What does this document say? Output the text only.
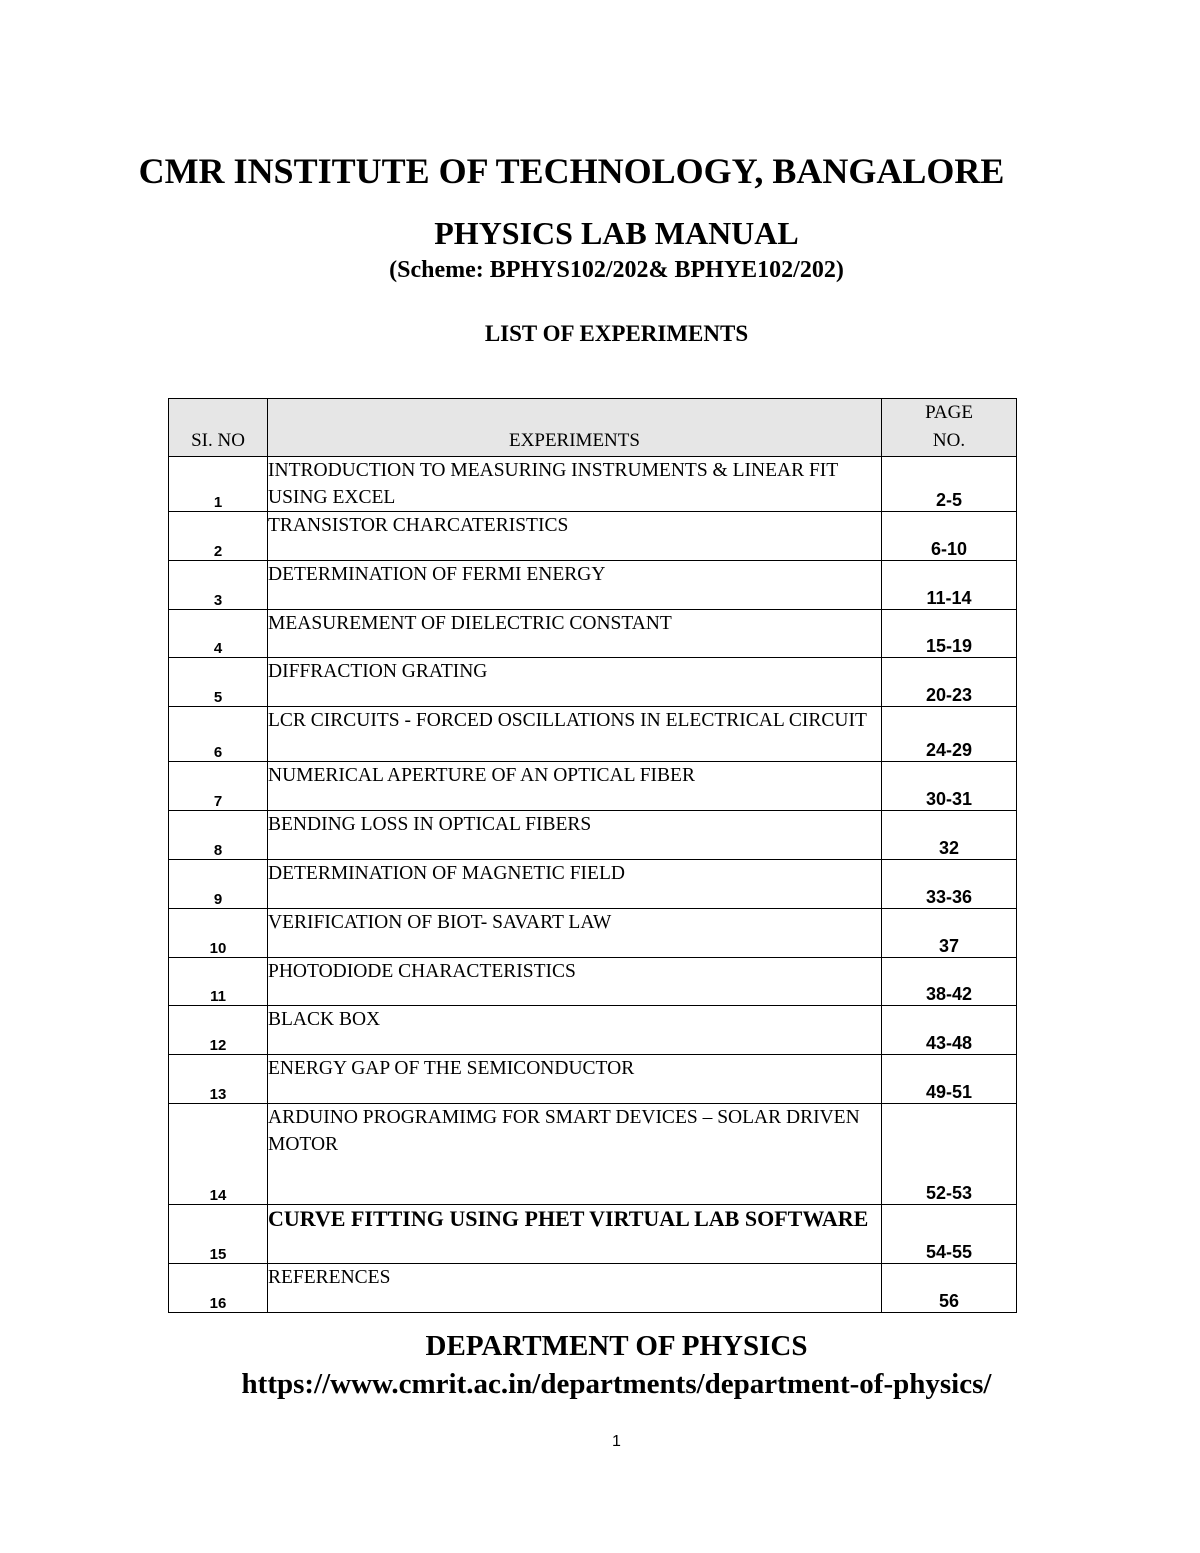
CMR INSTITUTE OF TECHNOLOGY, BANGALORE
PHYSICS LAB MANUAL
(Scheme: BPHYS102/202& BPHYE102/202)
LIST OF EXPERIMENTS
SI. NO	EXPERIMENTS	PAGE
NO.
1	INTRODUCTION TO MEASURING INSTRUMENTS & LINEAR FIT USING EXCEL	2-5
2	TRANSISTOR CHARCATERISTICS	6-10
3	DETERMINATION OF FERMI ENERGY	11-14
4	MEASUREMENT OF DIELECTRIC CONSTANT	15-19
5	DIFFRACTION GRATING	20-23
6	LCR CIRCUITS - FORCED OSCILLATIONS IN ELECTRICAL CIRCUIT	24-29
7	NUMERICAL APERTURE OF AN OPTICAL FIBER	30-31
8	BENDING LOSS IN OPTICAL FIBERS	32
9	DETERMINATION OF MAGNETIC FIELD	33-36
10	VERIFICATION OF BIOT- SAVART LAW	37
11	PHOTODIODE CHARACTERISTICS	38-42
12	BLACK BOX	43-48
13	ENERGY GAP OF THE SEMICONDUCTOR	49-51
14	ARDUINO PROGRAMIMG FOR SMART DEVICES – SOLAR DRIVEN MOTOR	52-53
15	CURVE FITTING USING PHET VIRTUAL LAB SOFTWARE	54-55
16	REFERENCES	56
DEPARTMENT OF PHYSICS
https://www.cmrit.ac.in/departments/department-of-physics/
1
